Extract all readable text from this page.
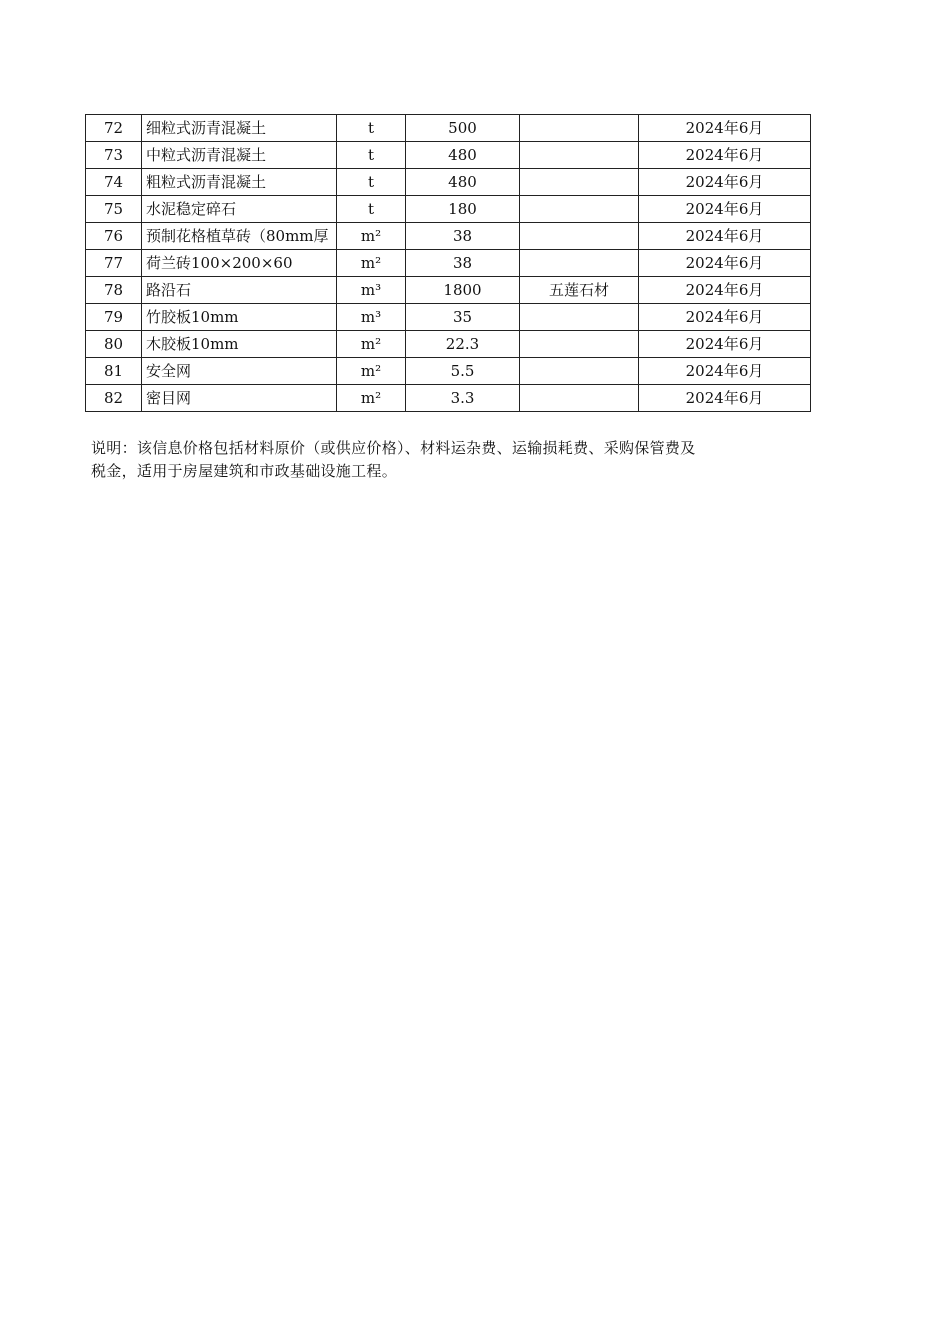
72	细粒式沥青混凝土	t	500		2024年6月
73	中粒式沥青混凝土	t	480		2024年6月
74	粗粒式沥青混凝土	t	480		2024年6月
75	水泥稳定碎石	t	180		2024年6月
76	预制花格植草砖（80mm厚	m²	38		2024年6月
77	荷兰砖100×200×60	m²	38		2024年6月
78	路沿石	m³	1800	五莲石材	2024年6月
79	竹胶板10mm	m³	35		2024年6月
80	木胶板10mm	m²	22.3		2024年6月
81	安全网	m²	5.5		2024年6月
82	密目网	m²	3.3		2024年6月
说明：该信息价格包括材料原价（或供应价格）、材料运杂费、运输损耗费、采购保管费及
税金，适用于房屋建筑和市政基础设施工程。
